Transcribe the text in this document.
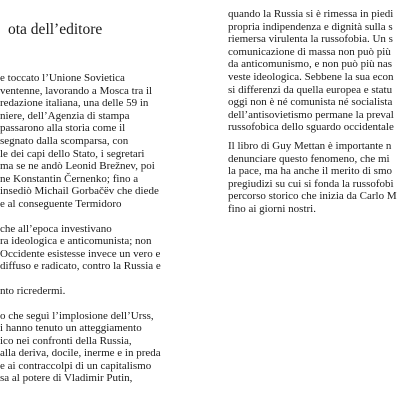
ota dell’editore
e toccato l’Unione Sovietica
ventenne, lavorando a Mosca tra il
redazione italiana, una delle 59 in
niere, dell’Agenzia di stampa
passarono alla storia come il
segnato dalla scomparsa, con
le dei capi dello Stato, i segretari
ma se ne andò Leonid Brežnev, poi
ne Konstantin Černenko; fino a
insediò Michail Gorbačëv che diede
e al conseguente Termidoro
che all’epoca investivano
ra ideologica e anticomunista; non
Occidente esistesse invece un vero e
diffuso e radicato, contro la Russia e
nto ricredermi.
o che seguì l’implosione dell’Urss,
i hanno tenuto un atteggiamento
ico nei confronti della Russia,
alla deriva, docile, inerme e in preda
e ai contraccolpi di un capitalismo
sa al potere di Vladimir Putin,
quando la Russia si è rimessa in piedi
propria indipendenza e dignità sulla s
riemersa virulenta la russofobia. Un s
comunicazione di massa non può più
da anticomunismo, e non può più nas
veste ideologica. Sebbene la sua econ
si differenzi da quella europea e statu
oggi non è né comunista né socialista
dell’antisovietismo permane la preval
russofobica dello sguardo occidentale
Il libro di Guy Mettan è importante n
denunciare questo fenomeno, che mi
la pace, ma ha anche il merito di smo
pregiudizi su cui si fonda la russofobi
percorso storico che inizia da Carlo M
fino ai giorni nostri.
